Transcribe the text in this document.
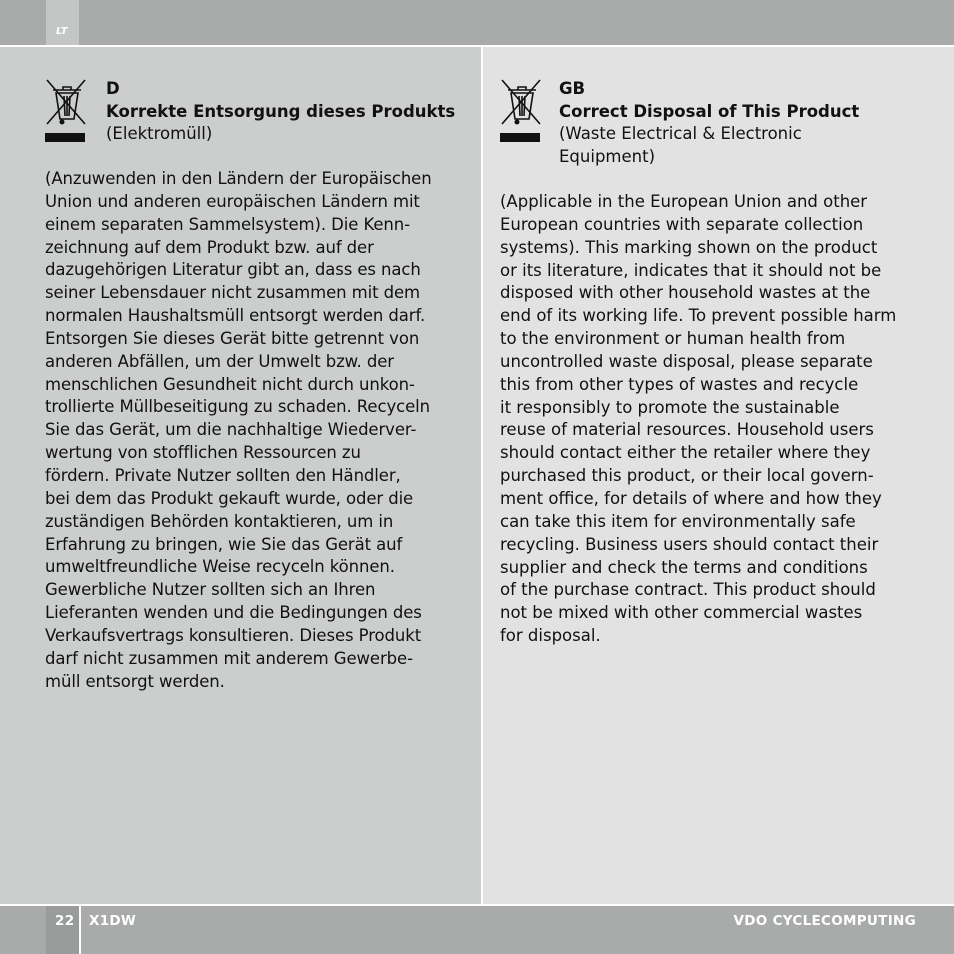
LT
D
Korrekte Entsorgung dieses Produkts
(Elektromüll)
(Anzuwenden in den Ländern der Europäischen
Union und anderen europäischen Ländern mit
einem separaten Sammelsystem). Die Kenn-
zeichnung auf dem Produkt bzw. auf der
dazugehörigen Literatur gibt an, dass es nach
seiner Lebensdauer nicht zusammen mit dem
normalen Haushaltsmüll entsorgt werden darf.
Entsorgen Sie dieses Gerät bitte getrennt von
anderen Abfällen, um der Umwelt bzw. der
menschlichen Gesundheit nicht durch unkon-
trollierte Müllbeseitigung zu schaden. Recyceln
Sie das Gerät, um die nachhaltige Wiederver-
wertung von stofflichen Ressourcen zu
fördern. Private Nutzer sollten den Händler,
bei dem das Produkt gekauft wurde, oder die
zuständigen Behörden kontaktieren, um in
Erfahrung zu bringen, wie Sie das Gerät auf
umweltfreundliche Weise recyceln können.
Gewerbliche Nutzer sollten sich an Ihren
Lieferanten wenden und die Bedingungen des
Verkaufsvertrags konsultieren. Dieses Produkt
darf nicht zusammen mit anderem Gewerbe-
müll entsorgt werden.
GB
Correct Disposal of This Product
(Waste Electrical & Electronic
Equipment)
(Applicable in the European Union and other
European countries with separate collection
systems). This marking shown on the product
or its literature, indicates that it should not be
disposed with other household wastes at the
end of its working life. To prevent possible harm
to the environment or human health from
uncontrolled waste disposal, please separate
this from other types of wastes and recycle
it responsibly to promote the sustainable
reuse of material resources. Household users
should contact either the retailer where they
purchased this product, or their local govern-
ment office, for details of where and how they
can take this item for environmentally safe
recycling. Business users should contact their
supplier and check the terms and conditions
of the purchase contract. This product should
not be mixed with other commercial wastes
for disposal.
22 X1DW	VDO CYCLECOMPUTING
